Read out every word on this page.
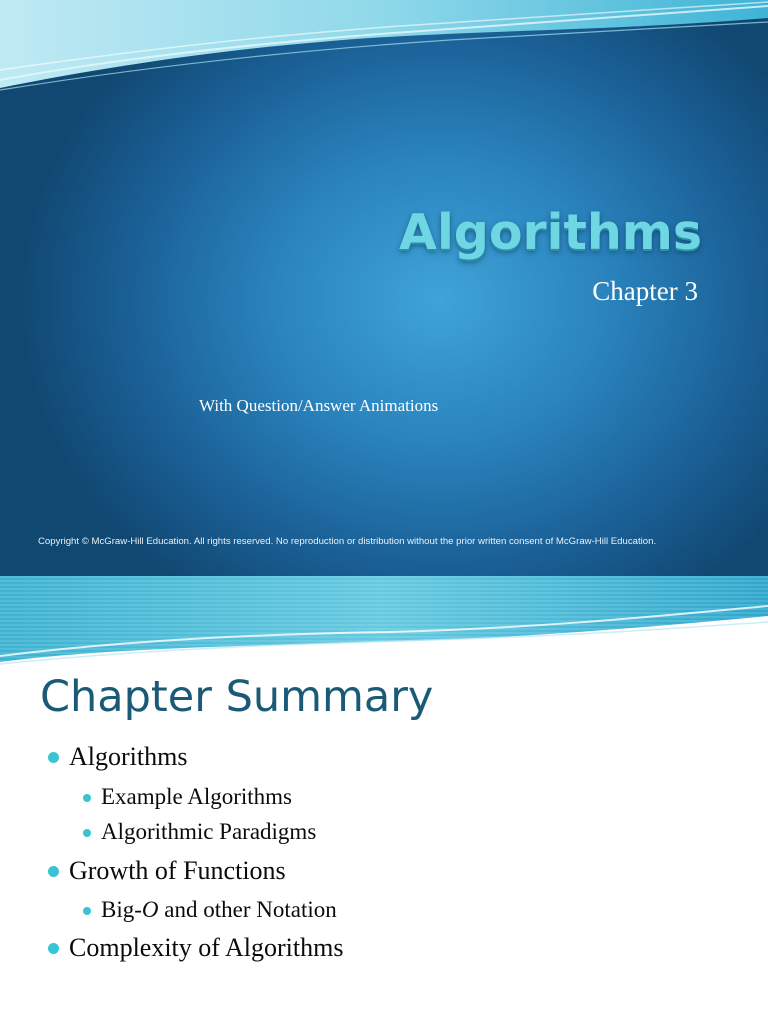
Algorithms
Chapter 3
With Question/Answer Animations
Copyright © McGraw-Hill Education. All rights reserved. No reproduction or distribution without the prior written consent of McGraw-Hill Education.
Chapter Summary
Algorithms
Example Algorithms
Algorithmic Paradigms
Growth of Functions
Big-O and other Notation
Complexity of Algorithms
